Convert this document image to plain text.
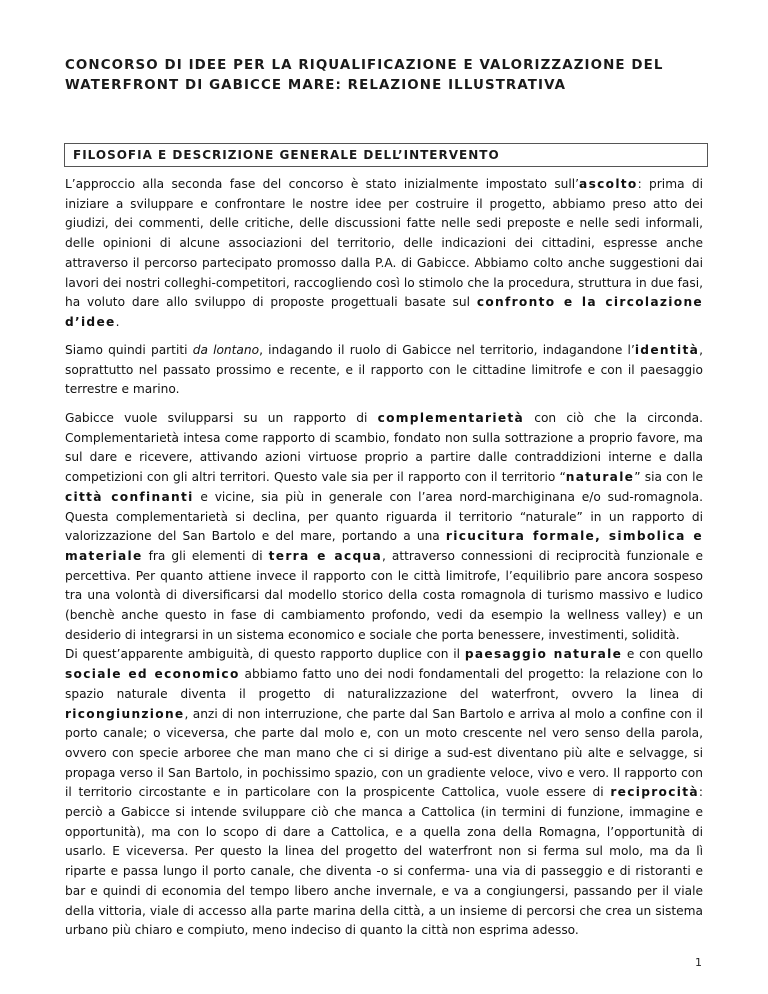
CONCORSO DI IDEE PER LA RIQUALIFICAZIONE E VALORIZZAZIONE DEL
WATERFRONT DI GABICCE MARE: RELAZIONE ILLUSTRATIVA
FILOSOFIA E DESCRIZIONE GENERALE DELL’INTERVENTO

L’approccio alla seconda fase del concorso è stato inizialmente impostato sull’ascolto: prima di iniziare a sviluppare e confrontare le nostre idee per costruire il progetto, abbiamo preso atto dei giudizi, dei commenti, delle critiche, delle discussioni fatte nelle sedi preposte e nelle sedi informali, delle opinioni di alcune associazioni del territorio, delle indicazioni dei cittadini, espresse anche attraverso il percorso partecipato promosso dalla P.A. di Gabicce. Abbiamo colto anche suggestioni dai lavori dei nostri colleghi-competitori, raccogliendo così lo stimolo che la procedura, struttura in due fasi, ha voluto dare allo sviluppo di proposte progettuali basate sul confronto e la circolazione d’idee.

Siamo quindi partiti da lontano, indagando il ruolo di Gabicce nel territorio, indagandone l’identità, soprattutto nel passato prossimo e recente, e il rapporto con le cittadine limitrofe e con il paesaggio terrestre e marino.

Gabicce vuole svilupparsi su un rapporto di complementarietà con ciò che la circonda. Complementarietà intesa come rapporto di scambio, fondato non sulla sottrazione a proprio favore, ma sul dare e ricevere, attivando azioni virtuose proprio a partire dalle contraddizioni interne e dalla competizioni con gli altri territori. Questo vale sia per il rapporto con il territorio “naturale” sia con le città confinanti e vicine, sia più in generale con l’area nord-marchiginana e/o sud-romagnola. Questa complementarietà si declina, per quanto riguarda il territorio “naturale” in un rapporto di valorizzazione del San Bartolo e del mare, portando a una ricucitura formale, simbolica e materiale fra gli elementi di terra e acqua, attraverso connessioni di reciprocità funzionale e percettiva. Per quanto attiene invece il rapporto con le città limitrofe, l’equilibrio pare ancora sospeso tra una volontà di diversificarsi dal modello storico della costa romagnola di turismo massivo e ludico (benchè anche questo in fase di cambiamento profondo, vedi da esempio la wellness valley) e un desiderio di integrarsi in un sistema economico e sociale che porta benessere, investimenti, solidità.
Di quest’apparente ambiguità, di questo rapporto duplice con il paesaggio naturale e con quello sociale ed economico abbiamo fatto uno dei nodi fondamentali del progetto: la relazione con lo spazio naturale diventa il progetto di naturalizzazione del waterfront, ovvero la linea di ricongiunzione, anzi di non interruzione, che parte dal San Bartolo e arriva al molo a confine con il porto canale; o viceversa, che parte dal molo e, con un moto crescente nel vero senso della parola, ovvero con specie arboree che man mano che ci si dirige a sud-est diventano più alte e selvagge, si propaga verso il San Bartolo, in pochissimo spazio, con un gradiente veloce, vivo e vero. Il rapporto con il territorio circostante e in particolare con la prospicente Cattolica, vuole essere di reciprocità: perciò a Gabicce si intende sviluppare ciò che manca a Cattolica (in termini di funzione, immagine e opportunità), ma con lo scopo di dare a Cattolica, e a quella zona della Romagna, l’opportunità di usarlo. E viceversa. Per questo la linea del progetto del waterfront non si ferma sul molo, ma da lì riparte e passa lungo il porto canale, che diventa -o si conferma- una via di passeggio e di ristoranti e bar e quindi di economia del tempo libero anche invernale, e va a congiungersi, passando per il viale della vittoria, viale di accesso alla parte marina della città, a un insieme di percorsi che crea un sistema urbano più chiaro e compiuto, meno indeciso di quanto la città non esprima adesso.

1
